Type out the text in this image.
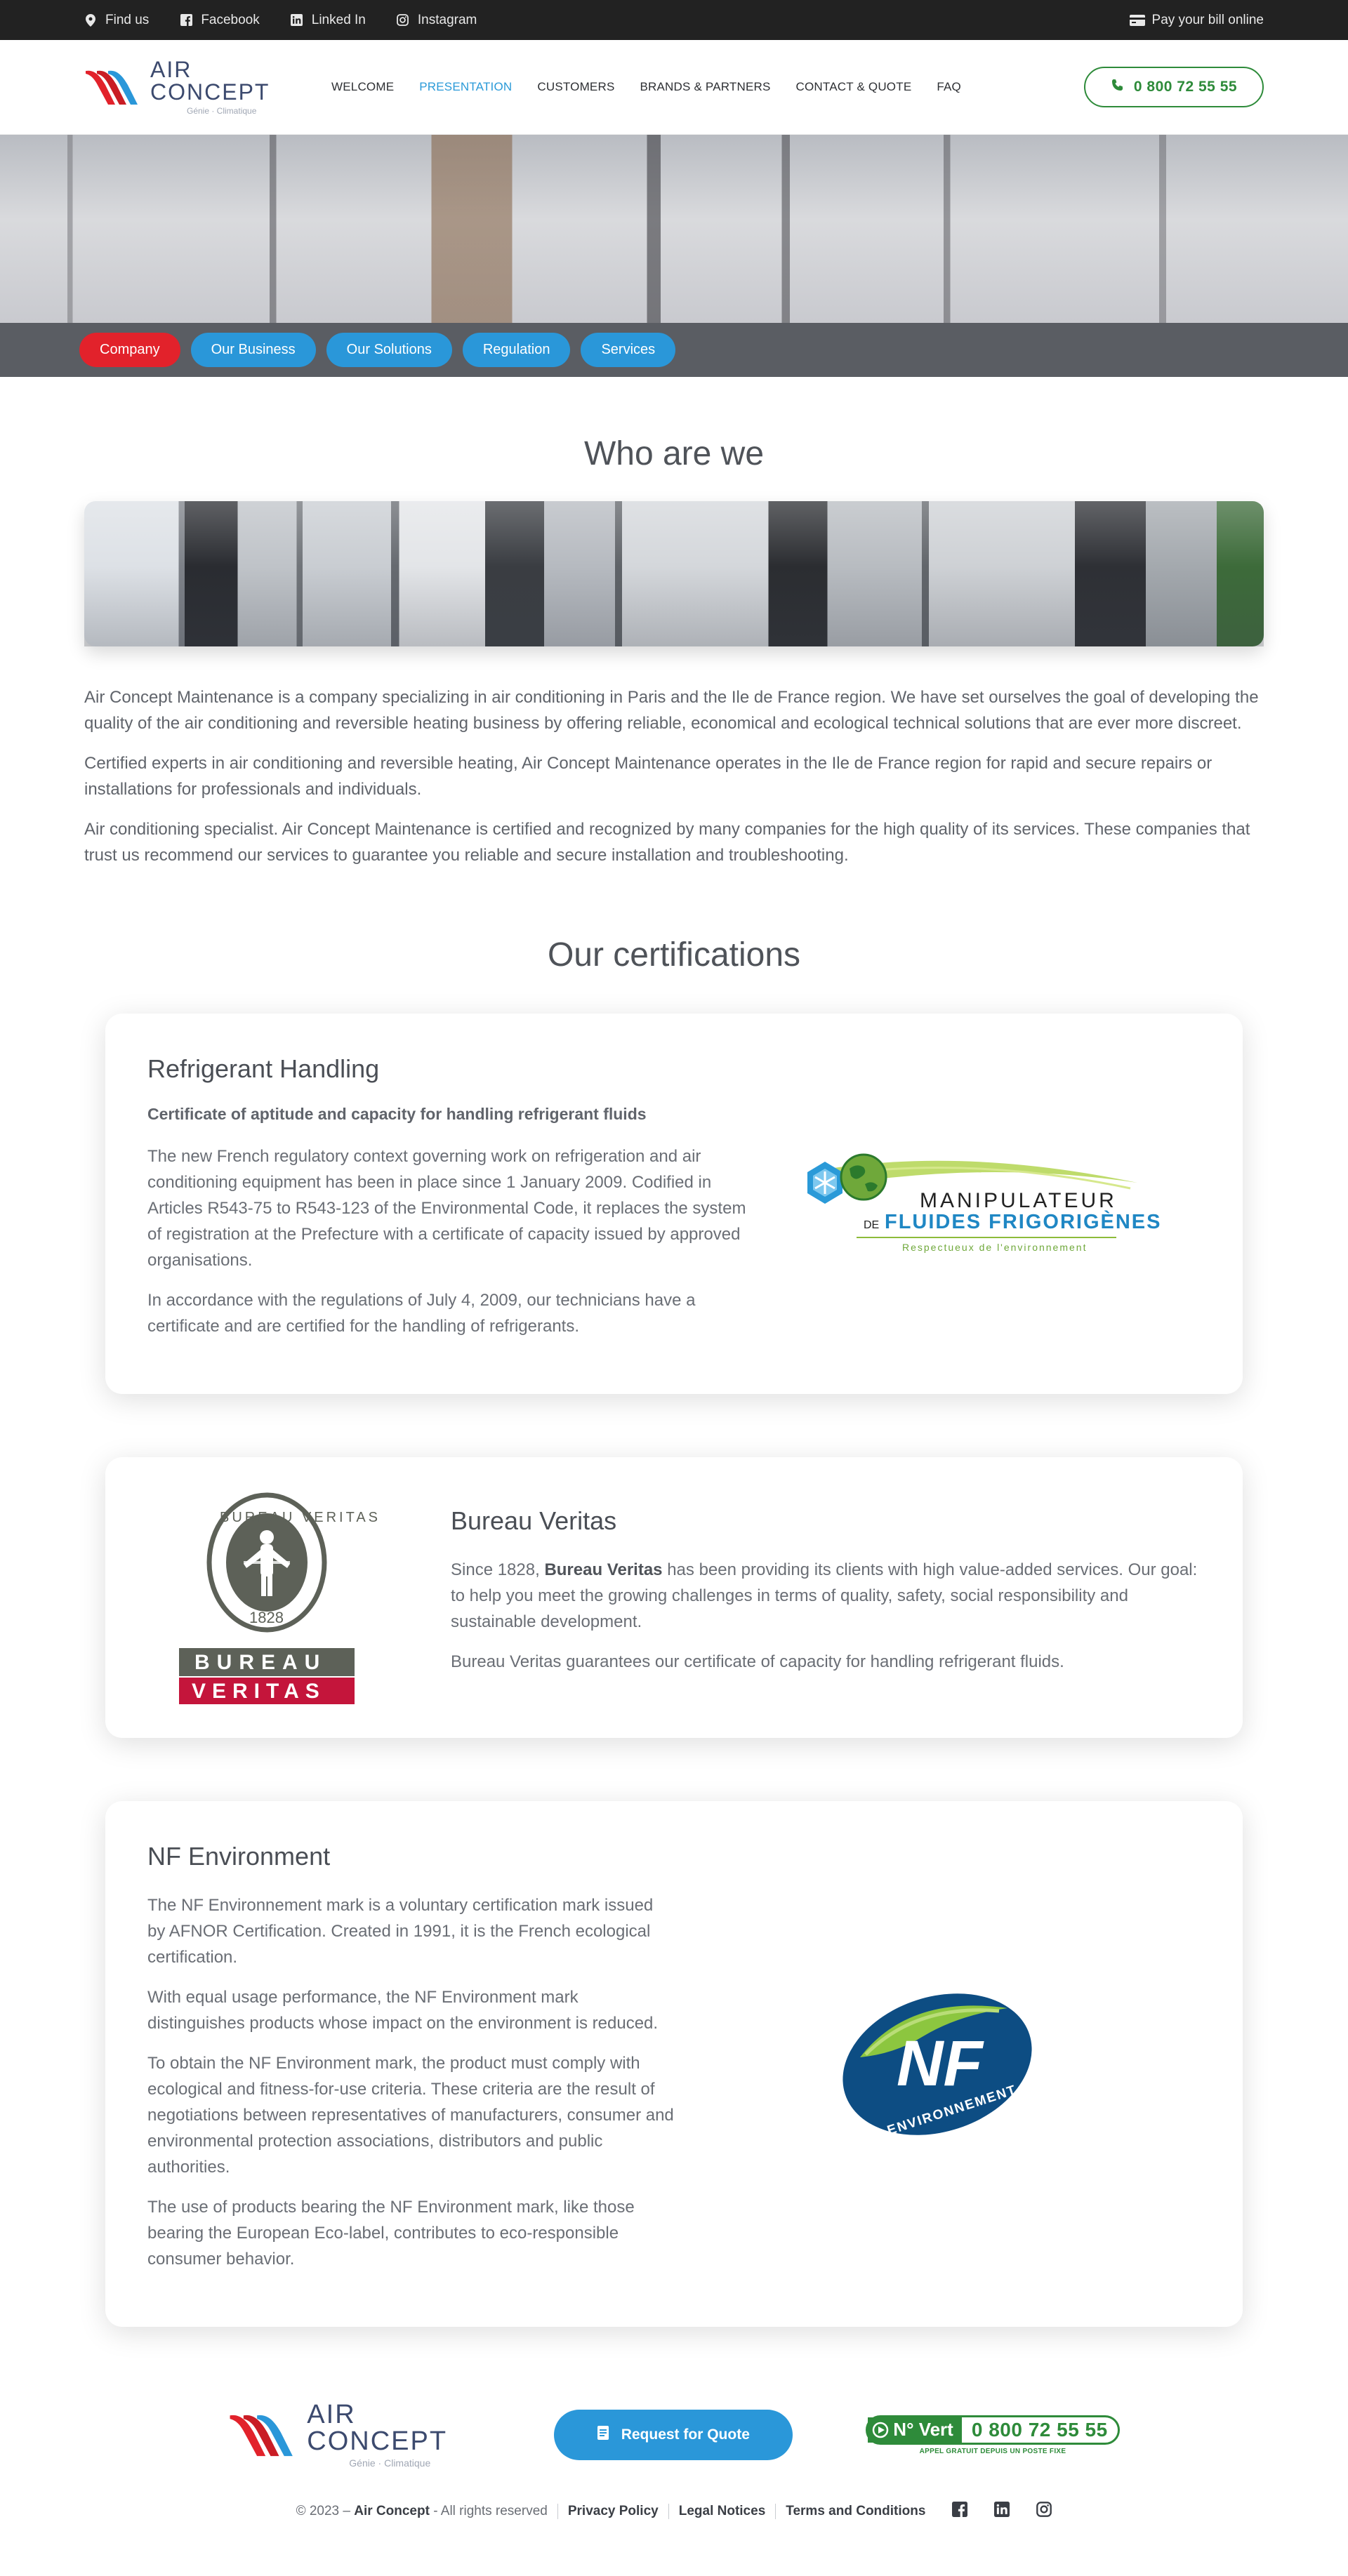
Find us	Facebook	Linked In	Instagram	Pay your bill online
AIR CONCEPT
Génie · Climatique
WELCOME PRESENTATION CUSTOMERS BRANDS & PARTNERS CONTACT & QUOTE FAQ	0 800 72 55 55
Company	Our Business	Our Solutions	Regulation	Services
Who are we

Air Concept Maintenance is a company specializing in air conditioning in Paris and the Ile de France region. We have set ourselves the goal of developing the quality of the air conditioning and reversible heating business by offering reliable, economical and ecological technical solutions that are ever more discreet.

Certified experts in air conditioning and reversible heating, Air Concept Maintenance operates in the Ile de France region for rapid and secure repairs or installations for professionals and individuals.

Air conditioning specialist. Air Concept Maintenance is certified and recognized by many companies for the high quality of its services. These companies that trust us recommend our services to guarantee you reliable and secure installation and troubleshooting.

Our certifications
Refrigerant Handling
Certificate of aptitude and capacity for handling refrigerant fluids

The new French regulatory context governing work on refrigeration and air conditioning equipment has been in place since 1 January 2009. Codified in Articles R543-75 to R543-123 of the Environmental Code, it replaces the system of registration at the Prefecture with a certificate of capacity issued by approved organisations.

In accordance with the regulations of July 4, 2009, our technicians have a certificate and are certified for the handling of refrigerants.

MANIPULATEUR
DE FLUIDES FRIGORIGÈNES
Respectueux de l'environnement
BUREAU VERITAS
1828
BUREAU
VERITAS
Bureau Veritas

Since 1828, Bureau Veritas has been providing its clients with high value-added services. Our goal: to help you meet the growing challenges in terms of quality, safety, social responsibility and sustainable development.

Bureau Veritas guarantees our certificate of capacity for handling refrigerant fluids.

NF Environment

The NF Environnement mark is a voluntary certification mark issued by AFNOR Certification. Created in 1991, it is the French ecological certification.

With equal usage performance, the NF Environment mark distinguishes products whose impact on the environment is reduced.

To obtain the NF Environment mark, the product must comply with ecological and fitness-for-use criteria. These criteria are the result of negotiations between representatives of manufacturers, consumer and environmental protection associations, distributors and public authorities.

The use of products bearing the NF Environment mark, like those bearing the European Eco-label, contributes to eco-responsible consumer behavior.

NF
ENVIRONNEMENT
AIR CONCEPT
Génie · Climatique
Request for Quote	N° Vert 0 800 72 55 55
APPEL GRATUIT DEPUIS UN POSTE FIXE
© 2023 – Air Concept - All rights reserved Privacy Policy Legal Notices Terms and Conditions
